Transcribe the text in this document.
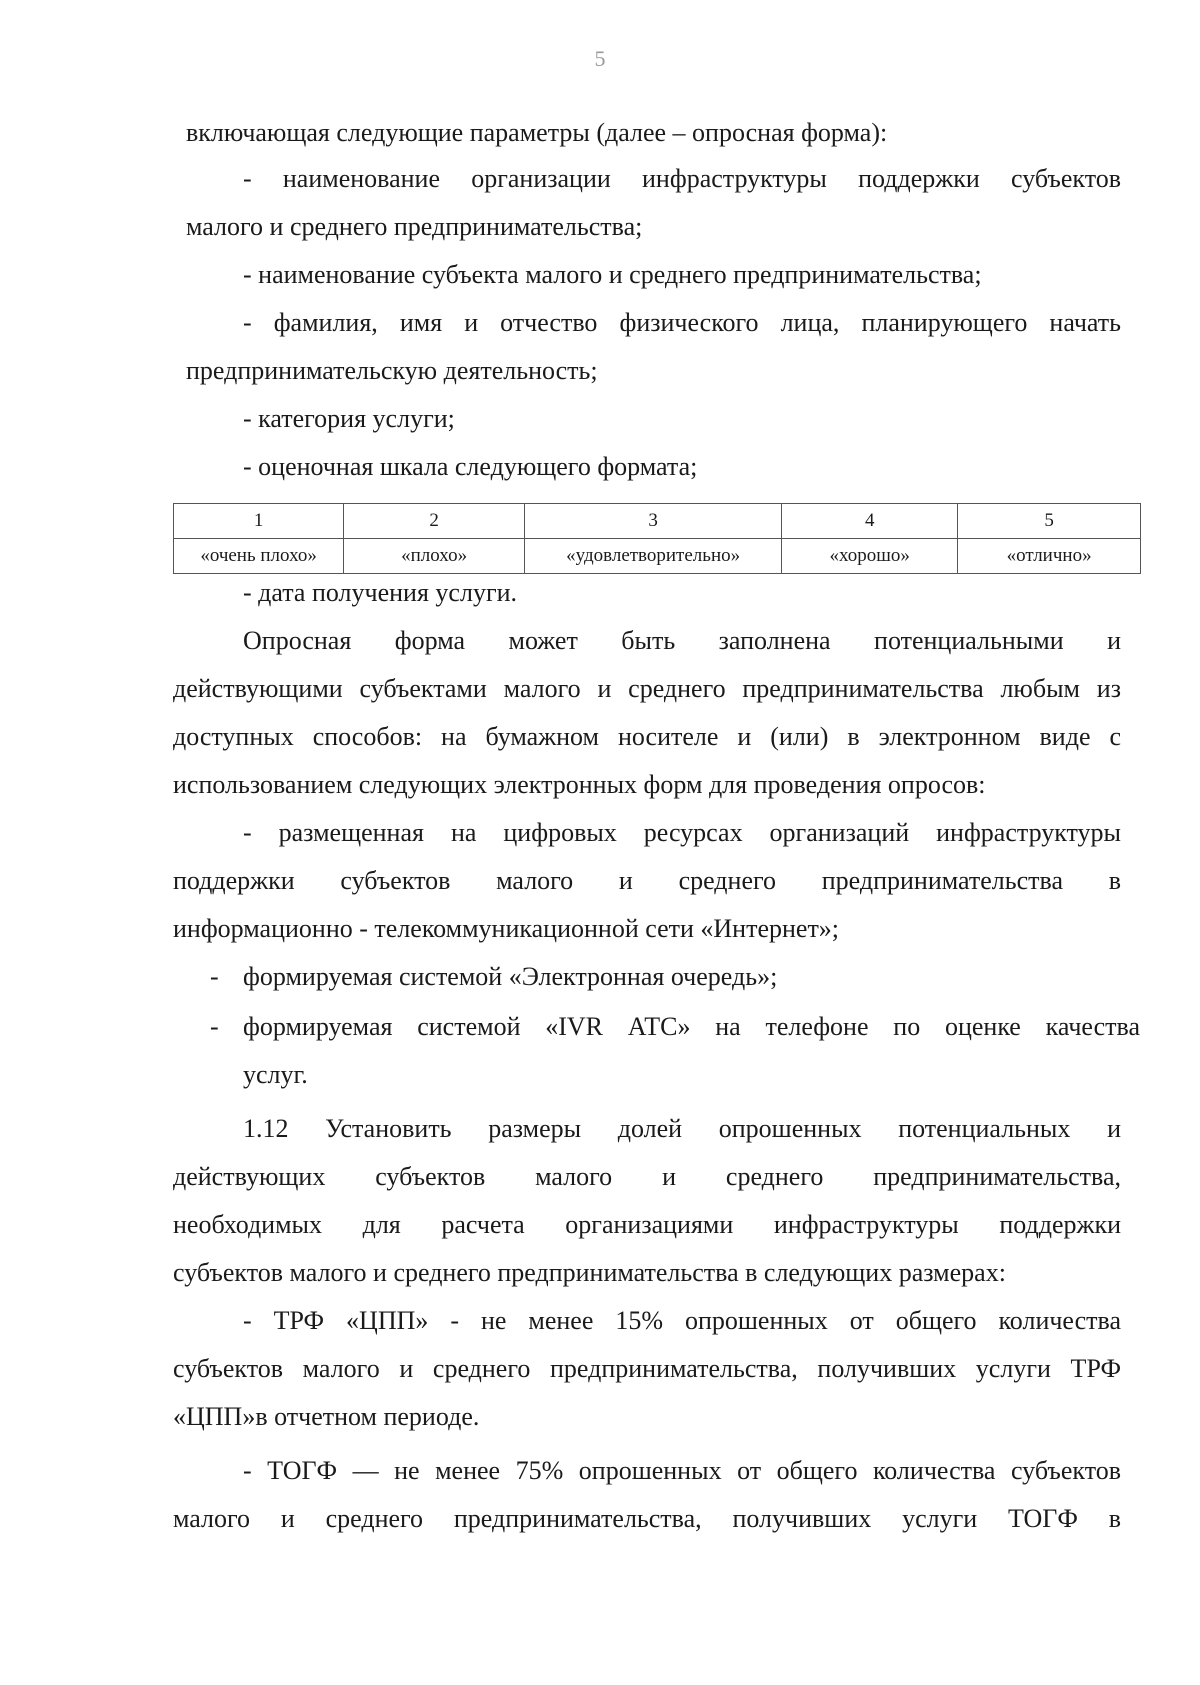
5
включающая следующие параметры (далее – опросная форма):
- наименование организации инфраструктуры поддержки субъектов
малого и среднего предпринимательства;
- наименование субъекта малого и среднего предпринимательства;
- фамилия, имя и отчество физического лица, планирующего начать
предпринимательскую деятельность;
- категория услуги;
- оценочная шкала следующего формата;
1	2	3	4	5
«очень плохо»	«плохо»	«удовлетворительно»	«хорошо»	«отлично»
- дата получения услуги.
Опросная форма может быть заполнена потенциальными и
действующими субъектами малого и среднего предпринимательства любым из
доступных способов: на бумажном носителе и (или) в электронном виде с
использованием следующих электронных форм для проведения опросов:
- размещенная на цифровых ресурсах организаций инфраструктуры
поддержки субъектов малого и среднего предпринимательства в
информационно - телекоммуникационной сети «Интернет»;
- формируемая системой «Электронная очередь»;
- формируемая системой «IVR АТС» на телефоне по оценке качества
услуг.
1.12 Установить размеры долей опрошенных потенциальных и
действующих субъектов малого и среднего предпринимательства,
необходимых для расчета организациями инфраструктуры поддержки
субъектов малого и среднего предпринимательства в следующих размерах:
- ТРФ «ЦПП» - не менее 15% опрошенных от общего количества
субъектов малого и среднего предпринимательства, получивших услуги ТРФ
«ЦПП»в отчетном периоде.
- ТОГФ — не менее 75% опрошенных от общего количества субъектов
малого и среднего предпринимательства, получивших услуги ТОГФ в
